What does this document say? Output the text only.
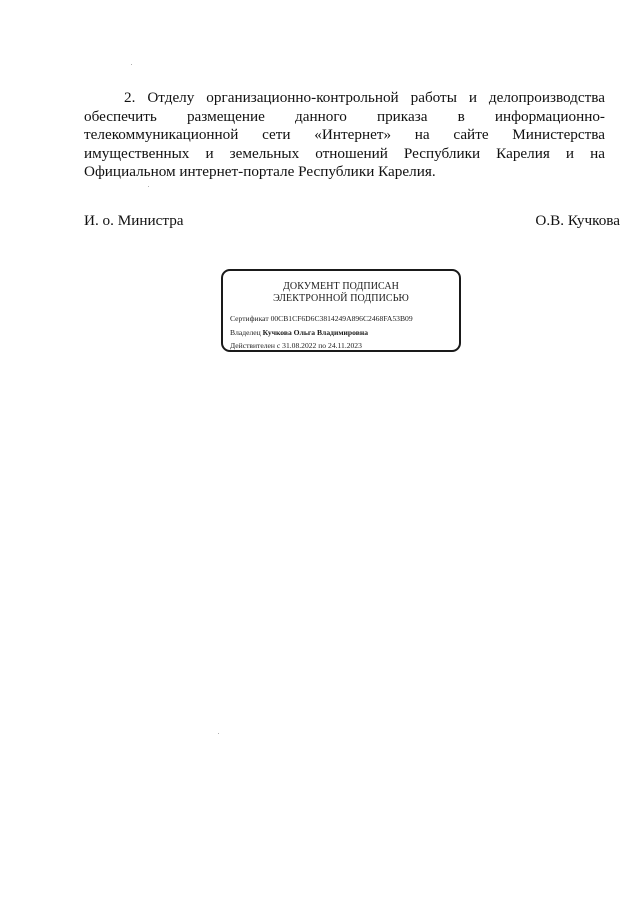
2. Отделу организационно-контрольной работы и делопроизводства обеспечить размещение данного приказа в информационно-телекоммуникационной сети «Интернет» на сайте Министерства имущественных и земельных отношений Республики Карелия и на Официальном интернет-портале Республики Карелия.

И. о. Министра	О.В. Кучкова
ДОКУМЕНТ ПОДПИСАН
ЭЛЕКТРОННОЙ ПОДПИСЬЮ
Сертификат 00CB1CF6D6C3814249A896C2468FA53B09
Владелец Кучкова Ольга Владимировна
Действителен с 31.08.2022 по 24.11.2023
